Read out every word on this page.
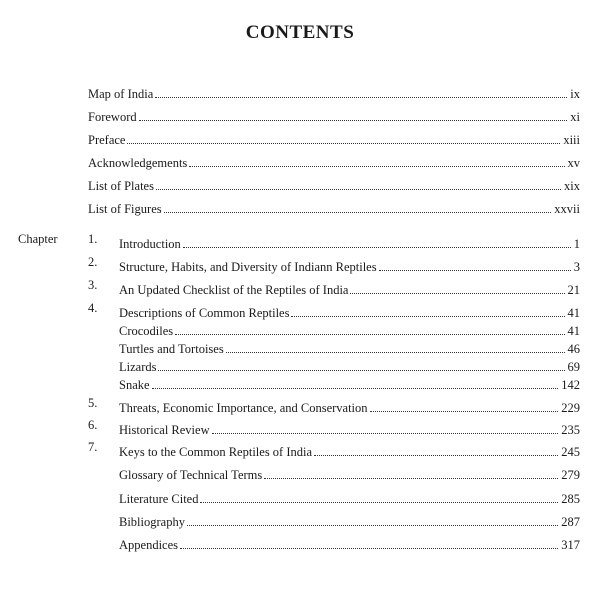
CONTENTS
Map of India	ix
Foreword	xi
Preface	xiii
Acknowledgements	xv
List of Plates	xix
List of Figures	xxvii
Chapter 1.	Introduction	1
2.	Structure, Habits, and Diversity of Indiann Reptiles	3
3.	An Updated Checklist of the Reptiles of India	21
4.	Descriptions of Common Reptiles	41
Crocodiles	41
Turtles and Tortoises	46
Lizards	69
Snake	142
5.	Threats, Economic Importance, and Conservation	229
6.	Historical Review	235
7.	Keys to the Common Reptiles of India	245
Glossary of Technical Terms	279
Literature Cited	285
Bibliography	287
Appendices	317
